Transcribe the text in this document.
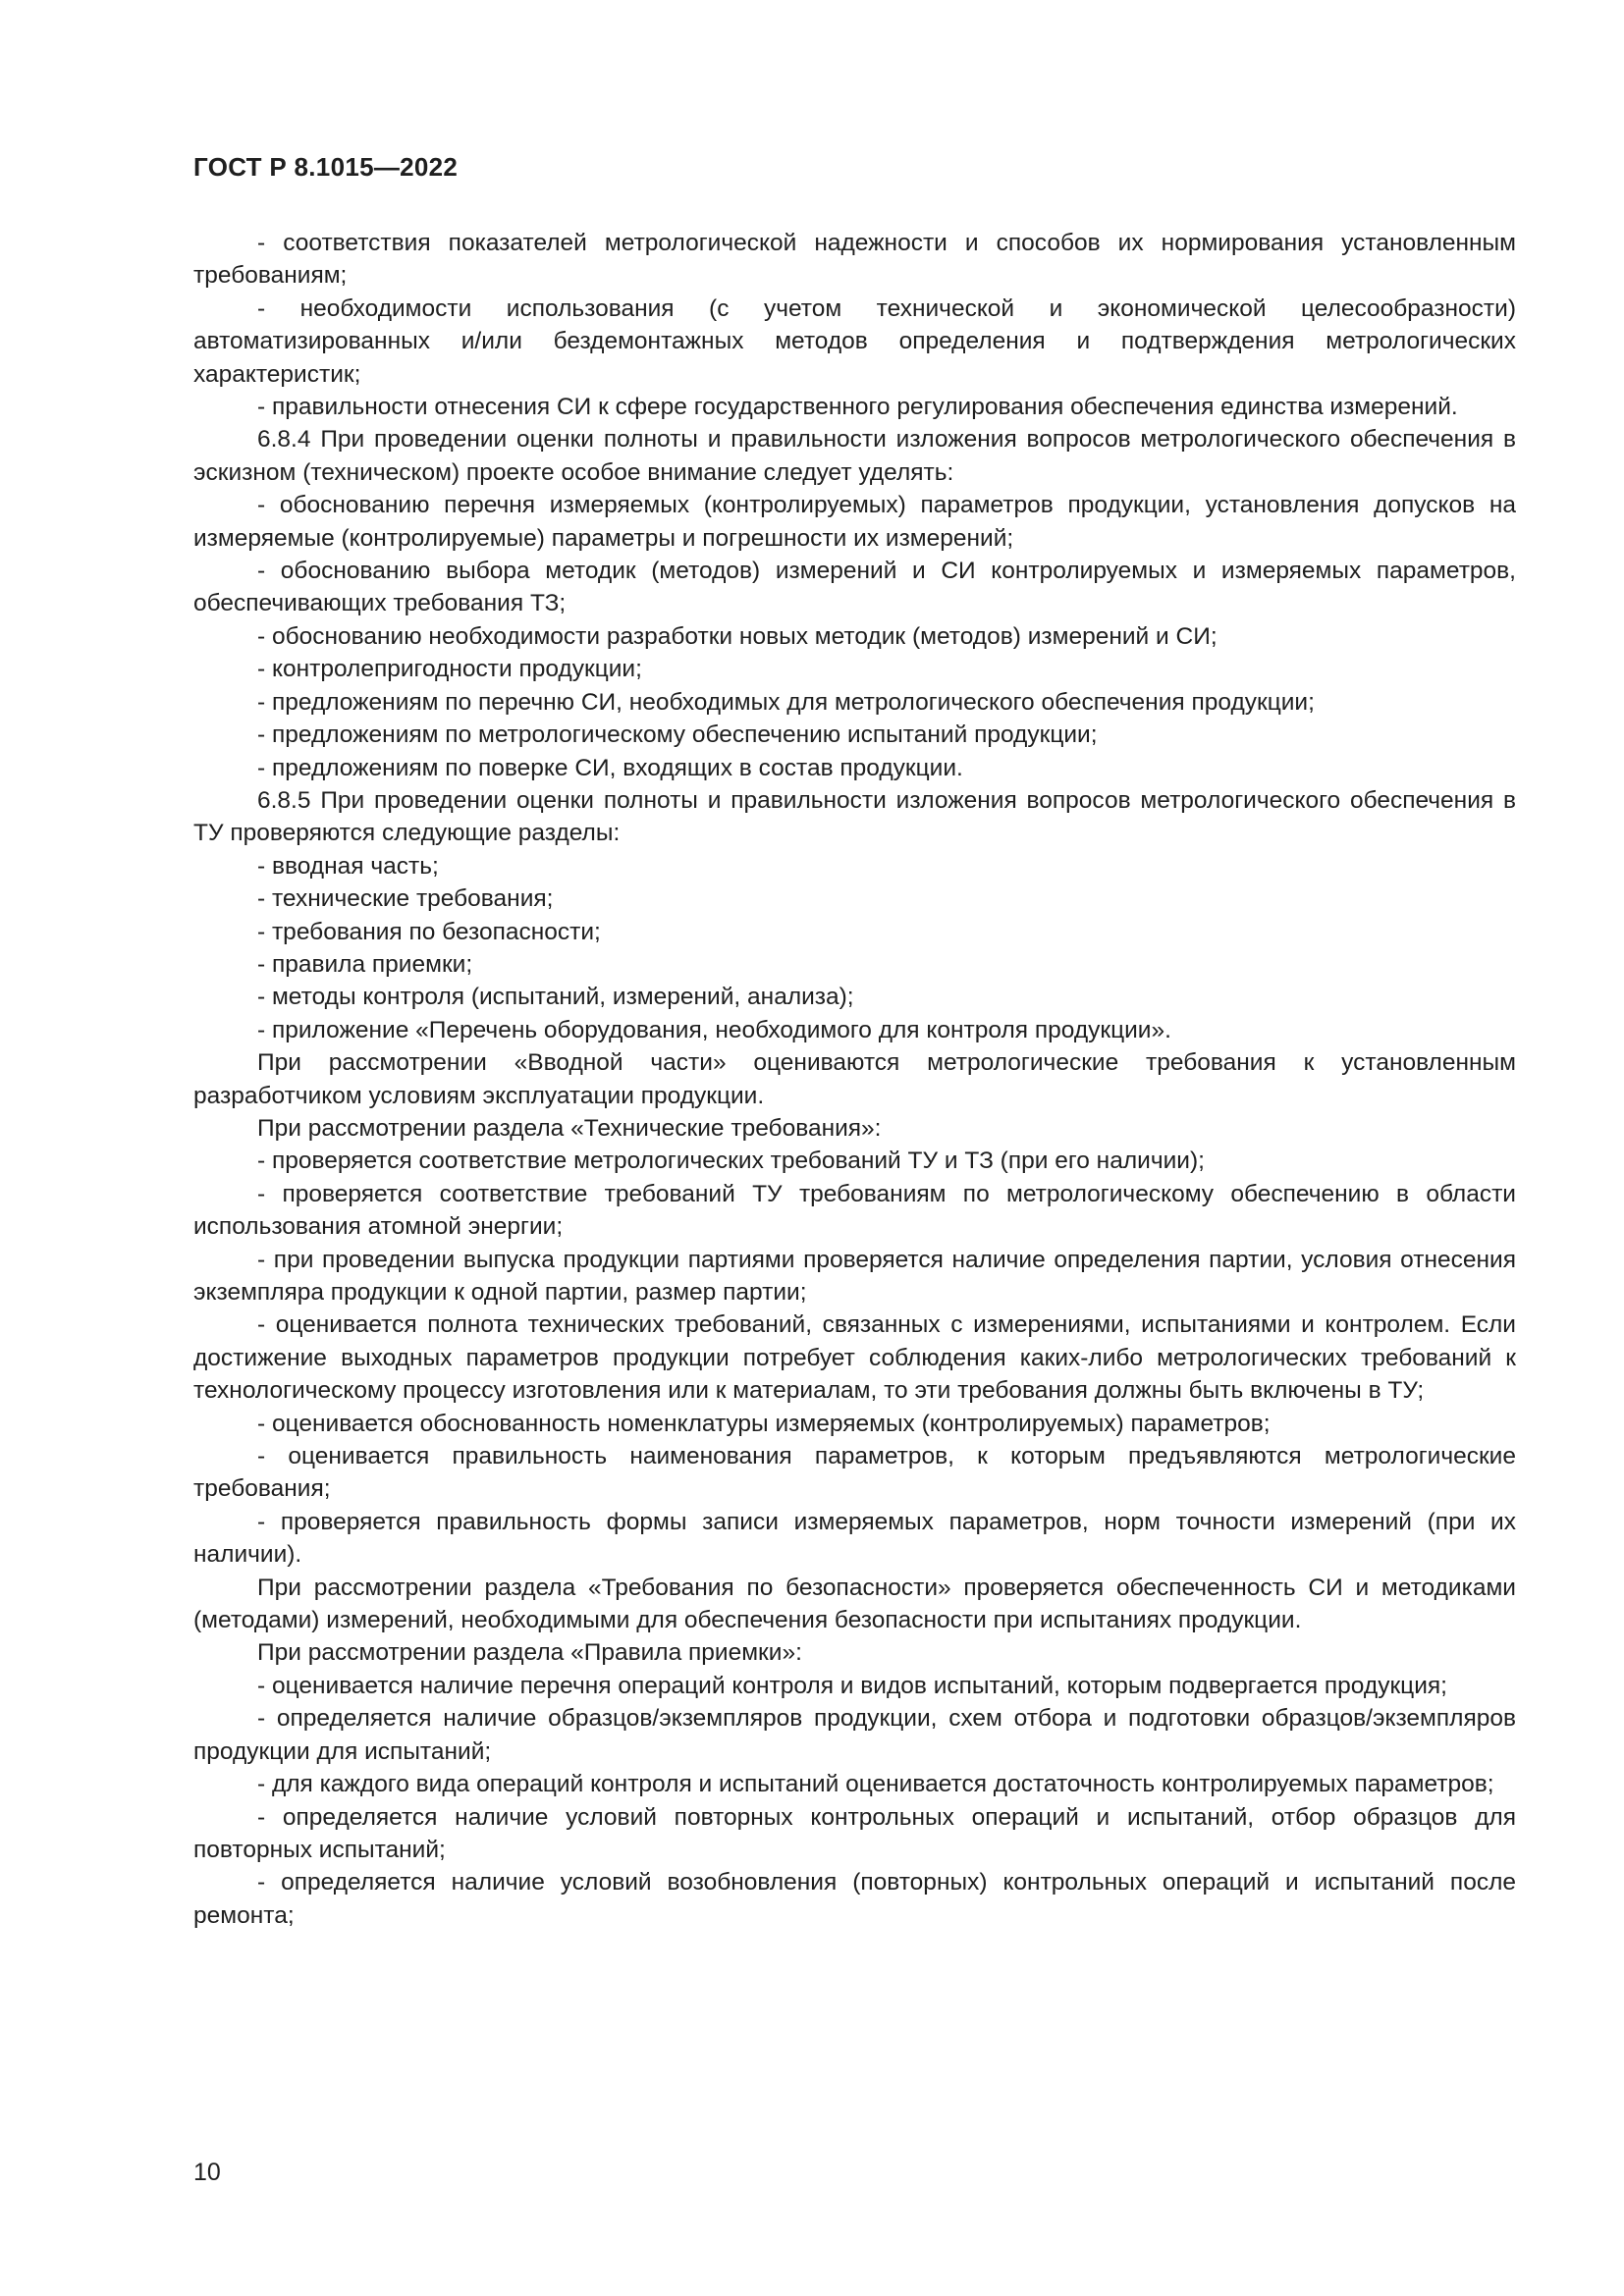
ГОСТ Р 8.1015—2022

- соответствия показателей метрологической надежности и способов их нормирования установленным требованиям;

- необходимости использования (с учетом технической и экономической целесообразности) автоматизированных и/или бездемонтажных методов определения и подтверждения метрологических характеристик;

- правильности отнесения СИ к сфере государственного регулирования обеспечения единства измерений.

6.8.4 При проведении оценки полноты и правильности изложения вопросов метрологического обеспечения в эскизном (техническом) проекте особое внимание следует уделять:

- обоснованию перечня измеряемых (контролируемых) параметров продукции, установления допусков на измеряемые (контролируемые) параметры и погрешности их измерений;

- обоснованию выбора методик (методов) измерений и СИ контролируемых и измеряемых параметров, обеспечивающих требования ТЗ;

- обоснованию необходимости разработки новых методик (методов) измерений и СИ;

- контролепригодности продукции;

- предложениям по перечню СИ, необходимых для метрологического обеспечения продукции;

- предложениям по метрологическому обеспечению испытаний продукции;

- предложениям по поверке СИ, входящих в состав продукции.

6.8.5 При проведении оценки полноты и правильности изложения вопросов метрологического обеспечения в ТУ проверяются следующие разделы:

- вводная часть;

- технические требования;

- требования по безопасности;

- правила приемки;

- методы контроля (испытаний, измерений, анализа);

- приложение «Перечень оборудования, необходимого для контроля продукции».

При рассмотрении «Вводной части» оцениваются метрологические требования к установленным разработчиком условиям эксплуатации продукции.

При рассмотрении раздела «Технические требования»:

- проверяется соответствие метрологических требований ТУ и ТЗ (при его наличии);

- проверяется соответствие требований ТУ требованиям по метрологическому обеспечению в области использования атомной энергии;

- при проведении выпуска продукции партиями проверяется наличие определения партии, условия отнесения экземпляра продукции к одной партии, размер партии;

- оценивается полнота технических требований, связанных с измерениями, испытаниями и контролем. Если достижение выходных параметров продукции потребует соблюдения каких-либо метрологических требований к технологическому процессу изготовления или к материалам, то эти требования должны быть включены в ТУ;

- оценивается обоснованность номенклатуры измеряемых (контролируемых) параметров;

- оценивается правильность наименования параметров, к которым предъявляются метрологические требования;

- проверяется правильность формы записи измеряемых параметров, норм точности измерений (при их наличии).

При рассмотрении раздела «Требования по безопасности» проверяется обеспеченность СИ и методиками (методами) измерений, необходимыми для обеспечения безопасности при испытаниях продукции.

При рассмотрении раздела «Правила приемки»:

- оценивается наличие перечня операций контроля и видов испытаний, которым подвергается продукция;

- определяется наличие образцов/экземпляров продукции, схем отбора и подготовки образцов/экземпляров продукции для испытаний;

- для каждого вида операций контроля и испытаний оценивается достаточность контролируемых параметров;

- определяется наличие условий повторных контрольных операций и испытаний, отбор образцов для повторных испытаний;

- определяется наличие условий возобновления (повторных) контрольных операций и испытаний после ремонта;

10
